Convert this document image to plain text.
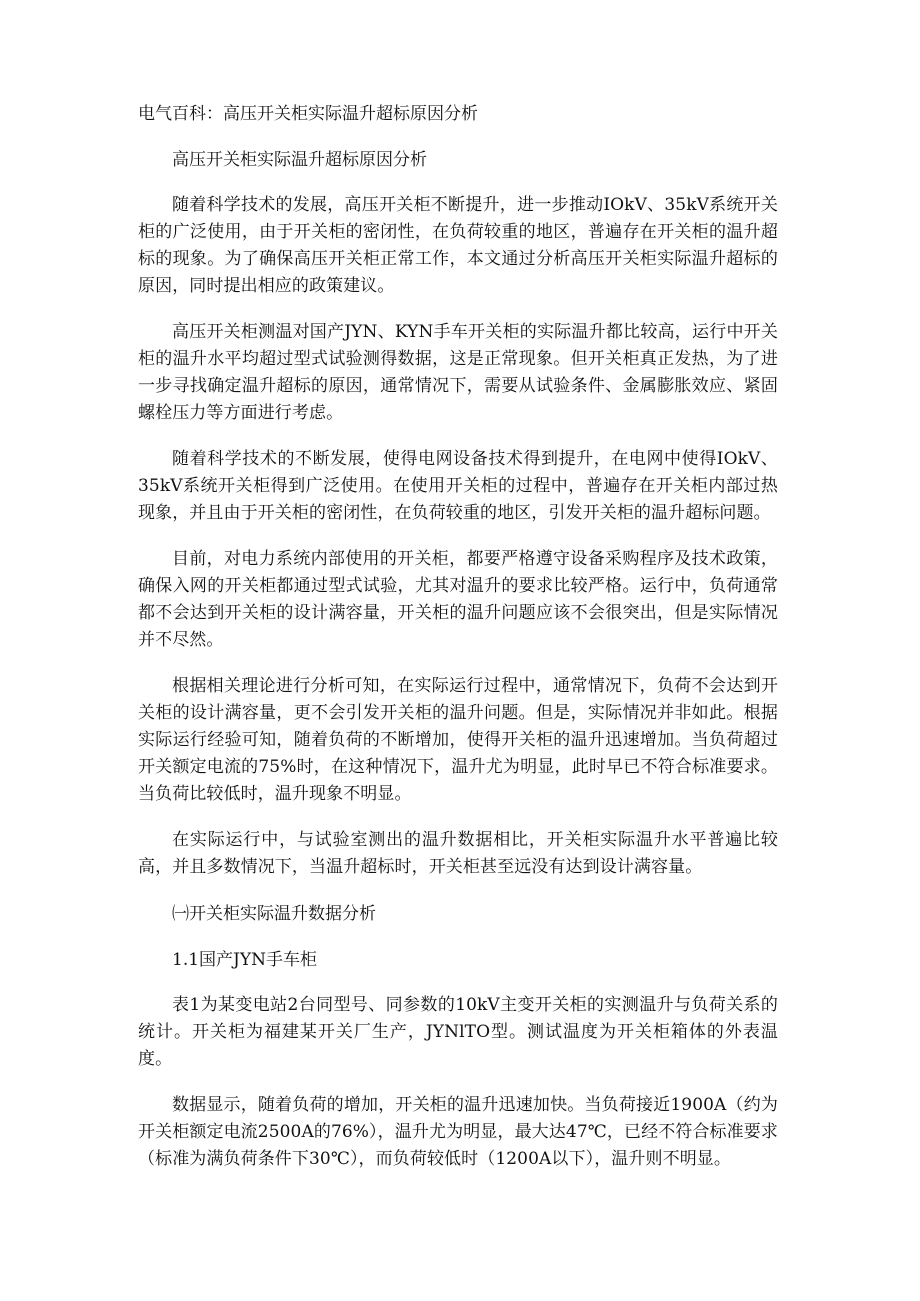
电气百科：高压开关柜实际温升超标原因分析
高压开关柜实际温升超标原因分析

随着科学技术的发展，高压开关柜不断提升，进一步推动IOkV、35kV系统开关柜的广泛使用，由于开关柜的密闭性，在负荷较重的地区，普遍存在开关柜的温升超标的现象。为了确保高压开关柜正常工作，本文通过分析高压开关柜实际温升超标的原因，同时提出相应的政策建议。

高压开关柜测温对国产JYN、KYN手车开关柜的实际温升都比较高，运行中开关柜的温升水平均超过型式试验测得数据，这是正常现象。但开关柜真正发热，为了进一步寻找确定温升超标的原因，通常情况下，需要从试验条件、金属膨胀效应、紧固螺栓压力等方面进行考虑。

随着科学技术的不断发展，使得电网设备技术得到提升，在电网中使得IOkV、35kV系统开关柜得到广泛使用。在使用开关柜的过程中，普遍存在开关柜内部过热现象，并且由于开关柜的密闭性，在负荷较重的地区，引发开关柜的温升超标问题。

目前，对电力系统内部使用的开关柜，都要严格遵守设备采购程序及技术政策，确保入网的开关柜都通过型式试验，尤其对温升的要求比较严格。运行中，负荷通常都不会达到开关柜的设计满容量，开关柜的温升问题应该不会很突出，但是实际情况并不尽然。

根据相关理论进行分析可知，在实际运行过程中，通常情况下，负荷不会达到开关柜的设计满容量，更不会引发开关柜的温升问题。但是，实际情况并非如此。根据实际运行经验可知，随着负荷的不断增加，使得开关柜的温升迅速增加。当负荷超过开关额定电流的75%时，在这种情况下，温升尤为明显，此时早已不符合标准要求。当负荷比较低时，温升现象不明显。

在实际运行中，与试验室测出的温升数据相比，开关柜实际温升水平普遍比较高，并且多数情况下，当温升超标时，开关柜甚至远没有达到设计满容量。

㈠开关柜实际温升数据分析
1.1国产JYN手车柜

表1为某变电站2台同型号、同参数的10kV主变开关柜的实测温升与负荷关系的统计。开关柜为福建某开关厂生产，JYNlTO型。测试温度为开关柜箱体的外表温度。

数据显示，随着负荷的增加，开关柜的温升迅速加快。当负荷接近1900A（约为开关柜额定电流2500A的76%），温升尤为明显，最大达47℃，已经不符合标准要求（标准为满负荷条件下30℃），而负荷较低时（1200A以下），温升则不明显。
